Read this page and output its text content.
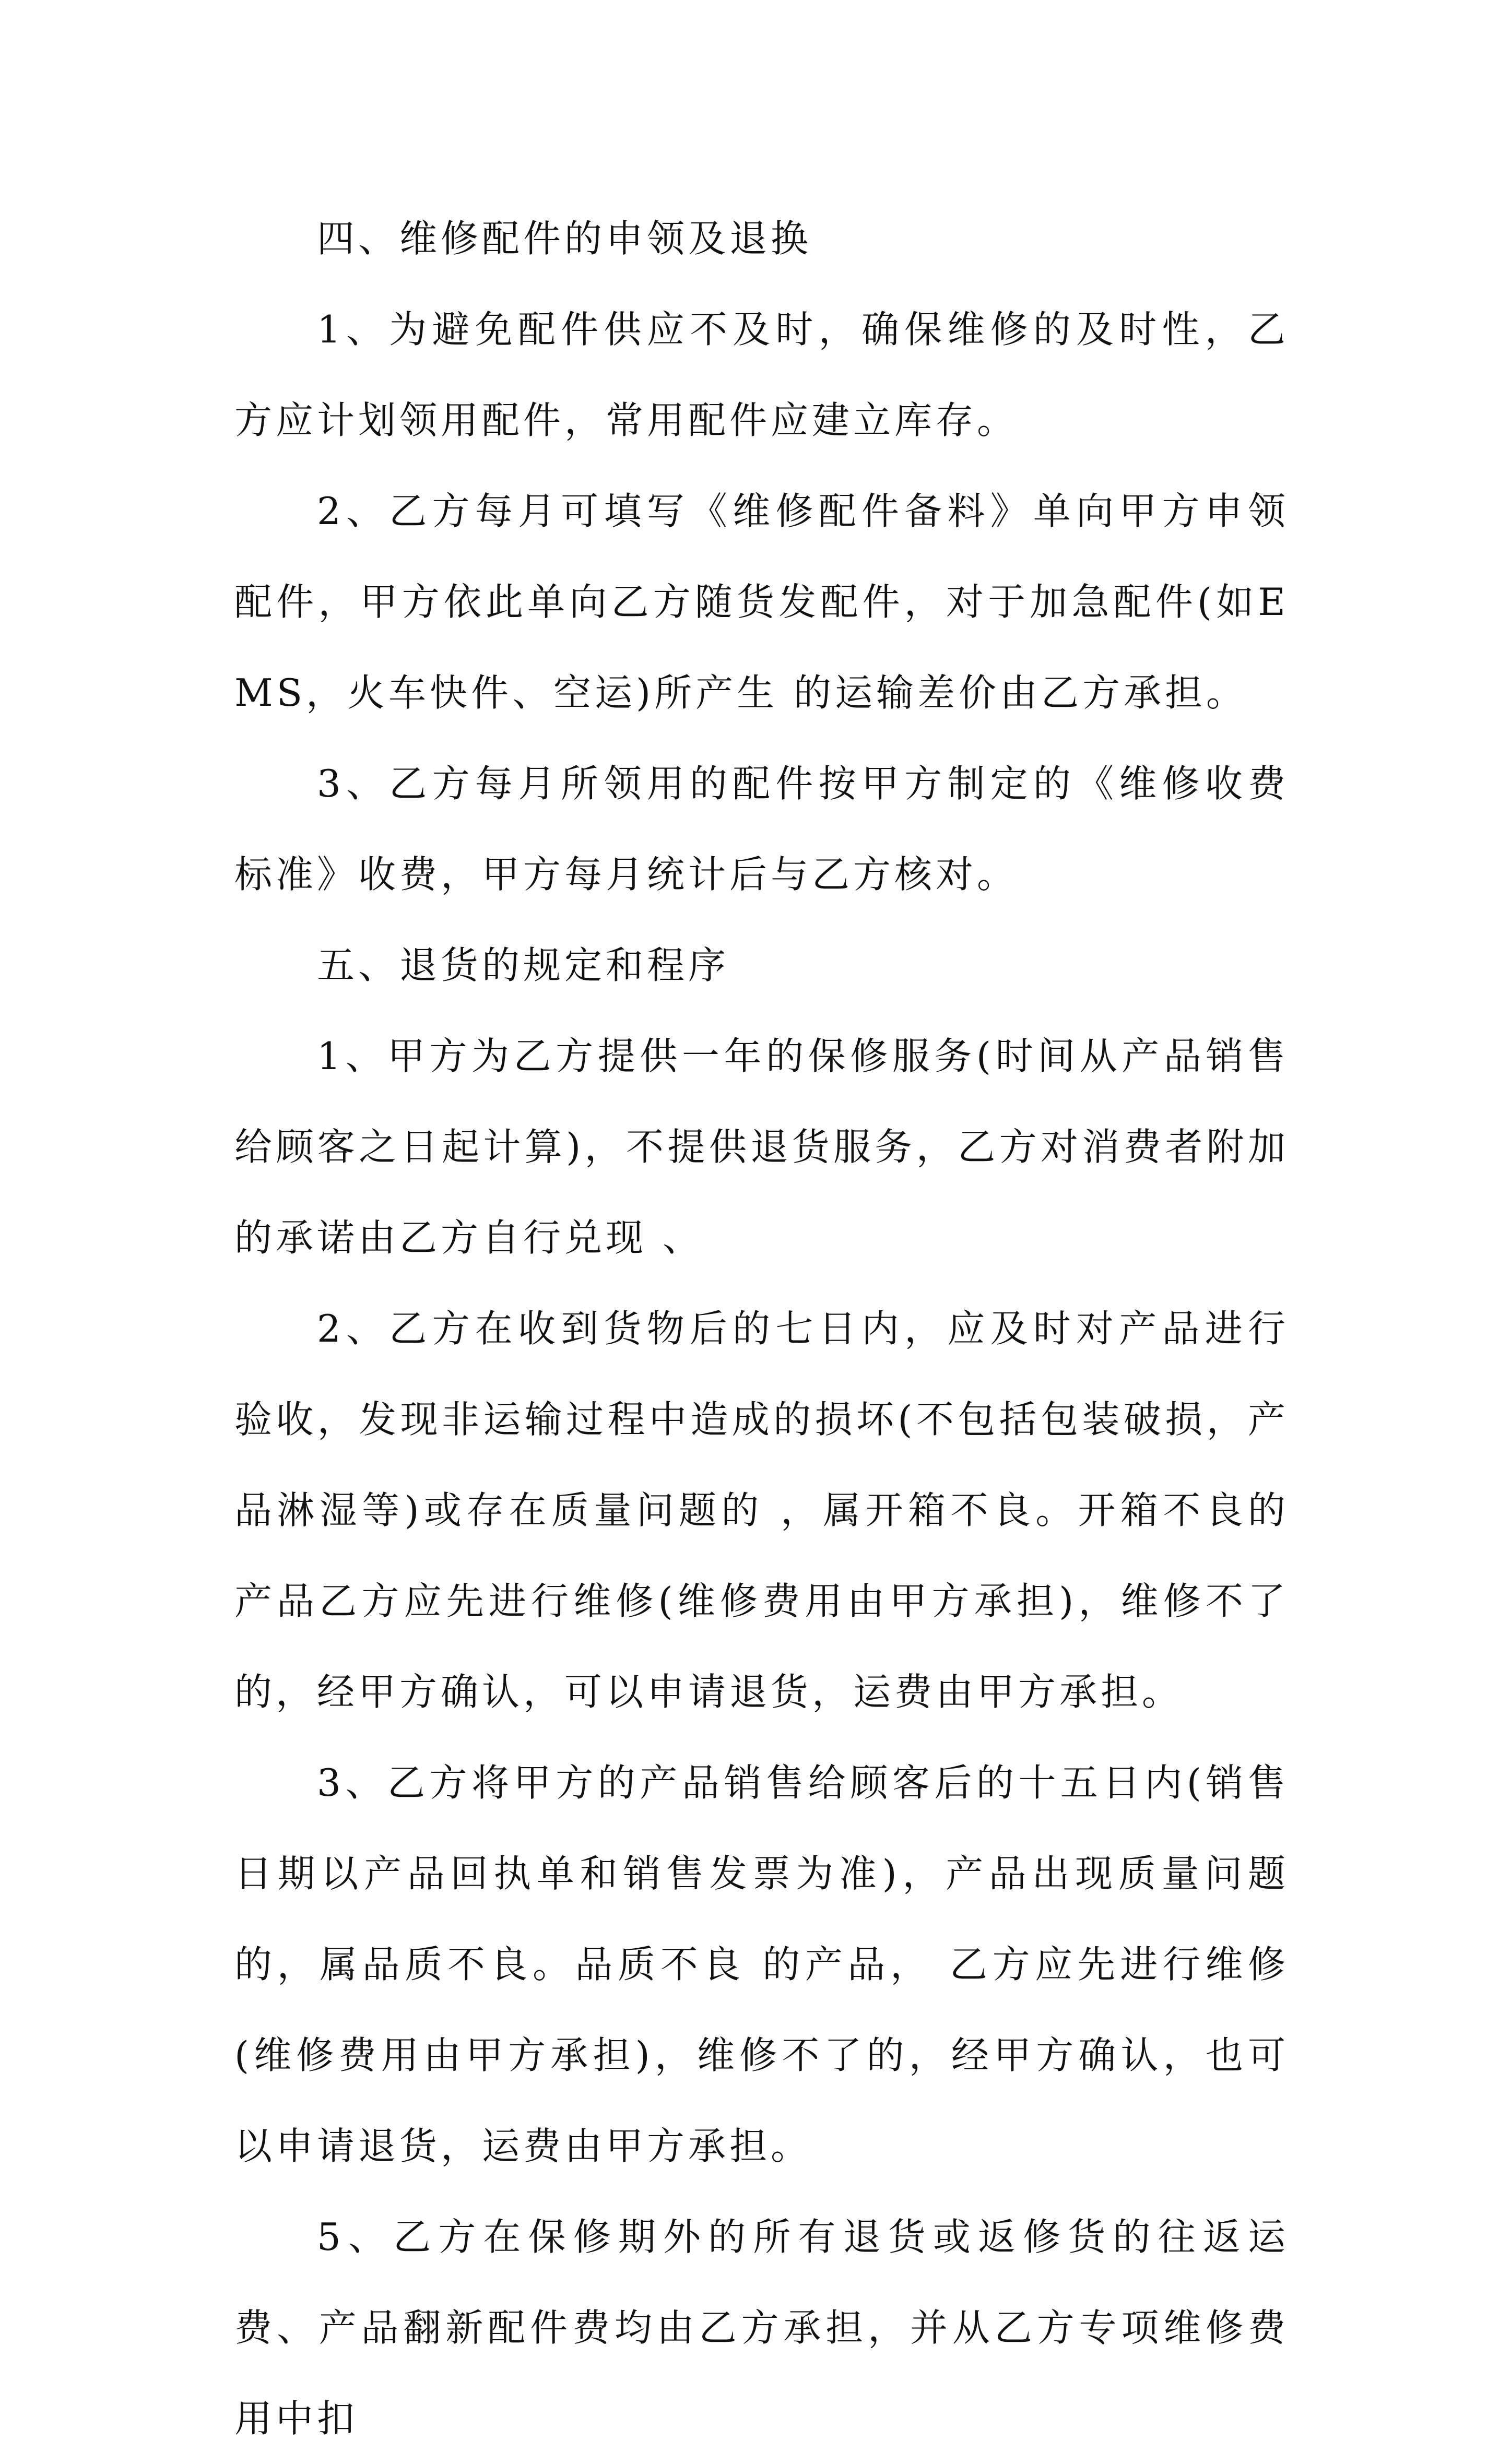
四、维修配件的申领及退换

1、为避免配件供应不及时，确保维修的及时性，乙方应计划领用配件，常用配件应建立库存。

2、乙方每月可填写《维修配件备料》单向甲方申领配件，甲方依此单向乙方随货发配件，对于加急配件(如EMS，火车快件、空运)所产生 的运输差价由乙方承担。

3、乙方每月所领用的配件按甲方制定的《维修收费标准》收费，甲方每月统计后与乙方核对。

五、退货的规定和程序

1、甲方为乙方提供一年的保修服务(时间从产品销售给顾客之日起计算)，不提供退货服务，乙方对消费者附加的承诺由乙方自行兑现 、

2、乙方在收到货物后的七日内，应及时对产品进行验收，发现非运输过程中造成的损坏(不包括包装破损，产品淋湿等)或存在质量问题的 ，属开箱不良。开箱不良的产品乙方应先进行维修(维修费用由甲方承担)，维修不了的，经甲方确认，可以申请退货，运费由甲方承担。

3、乙方将甲方的产品销售给顾客后的十五日内(销售日期以产品回执单和销售发票为准)，产品出现质量问题的，属品质不良。品质不良 的产品， 乙方应先进行维修(维修费用由甲方承担)，维修不了的，经甲方确认，也可以申请退货，运费由甲方承担。

5、乙方在保修期外的所有退货或返修货的往返运费、产品翻新配件费均由乙方承担，并从乙方专项维修费用中扣
